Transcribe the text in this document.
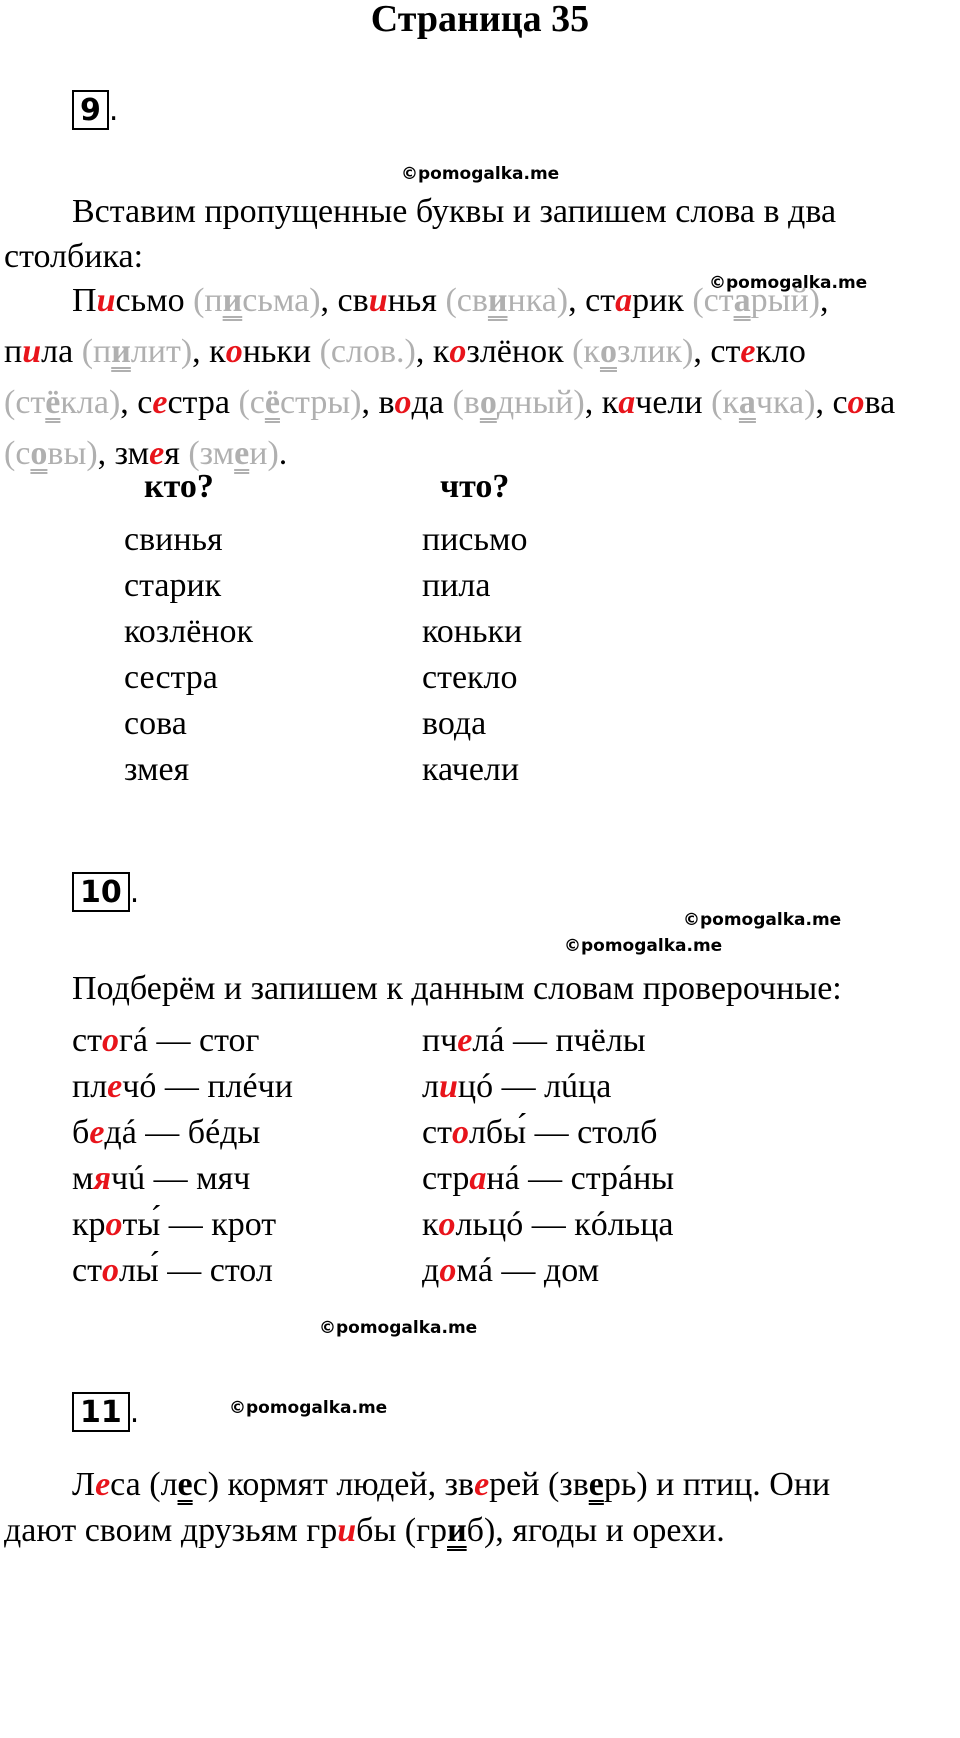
Страница 35
9 .
©pomogalka.me
Вставим пропущенные буквы и запишем слова в два
столбика:
©pomogalka.me
Письмо (письма), свинья (свинка), старик (старый),
пила (пилит), коньки (слов.), козлёнок (козлик), стекло
(стёкла), сестра (сёстры), вода (водный), качели (качка), сова
(совы), змея (змеи).
кто?	что?
свинья
старик
козлёнок
сестра
сова
змея
письмо
пила
коньки
стекло
вода
качели
10 .
©pomogalka.me
©pomogalka.me
Подберём и запишем к данным словам проверочные:
стогá — стог
плечó — плéчи
бедá — бéды
мячú — мяч
кроты́ — крот
столы́ — стол
пчелá — пчёлы
лицó — лúца
столбы́ — столб
странá — стрáны
кольцó — кóльца
домá — дом
©pomogalka.me
11 .	©pomogalka.me
Леса (лес) кормят людей, зверей (зверь) и птиц. Они
дают своим друзьям грибы (гриб), ягоды и орехи.
